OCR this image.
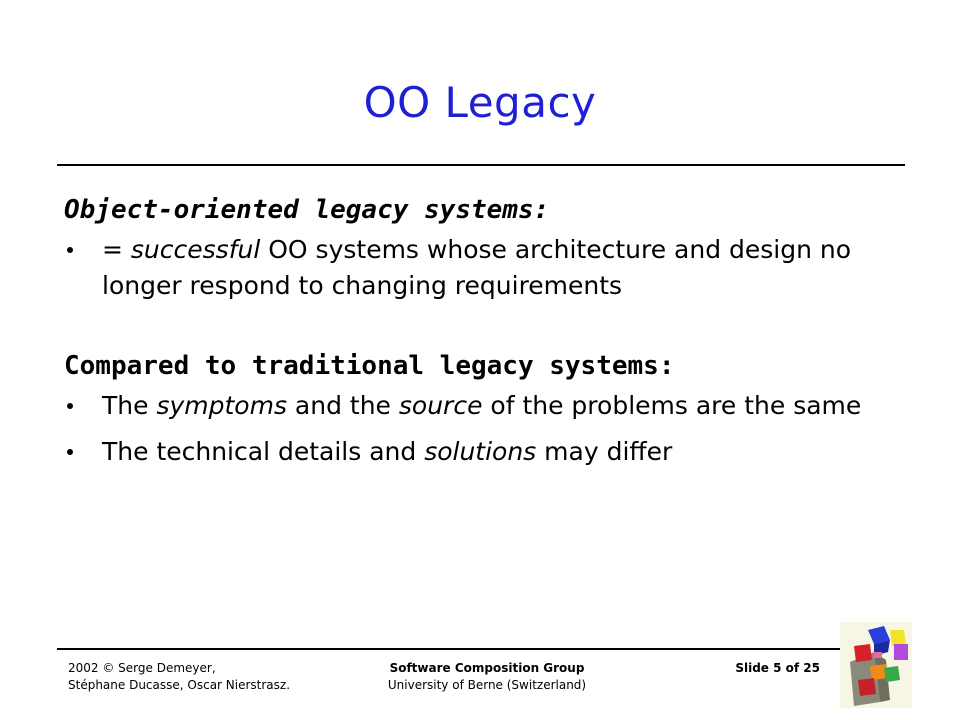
OO Legacy

Object-oriented legacy systems:

= successful OO systems whose architecture and design no longer respond to changing requirements

Compared to traditional legacy systems:

The symptoms and the source of the problems are the same
The technical details and solutions may differ
2002 © Serge Demeyer,
Stéphane Ducasse, Oscar Nierstrasz.
Software Composition Group
University of Berne (Switzerland)
Slide 5 of 25
